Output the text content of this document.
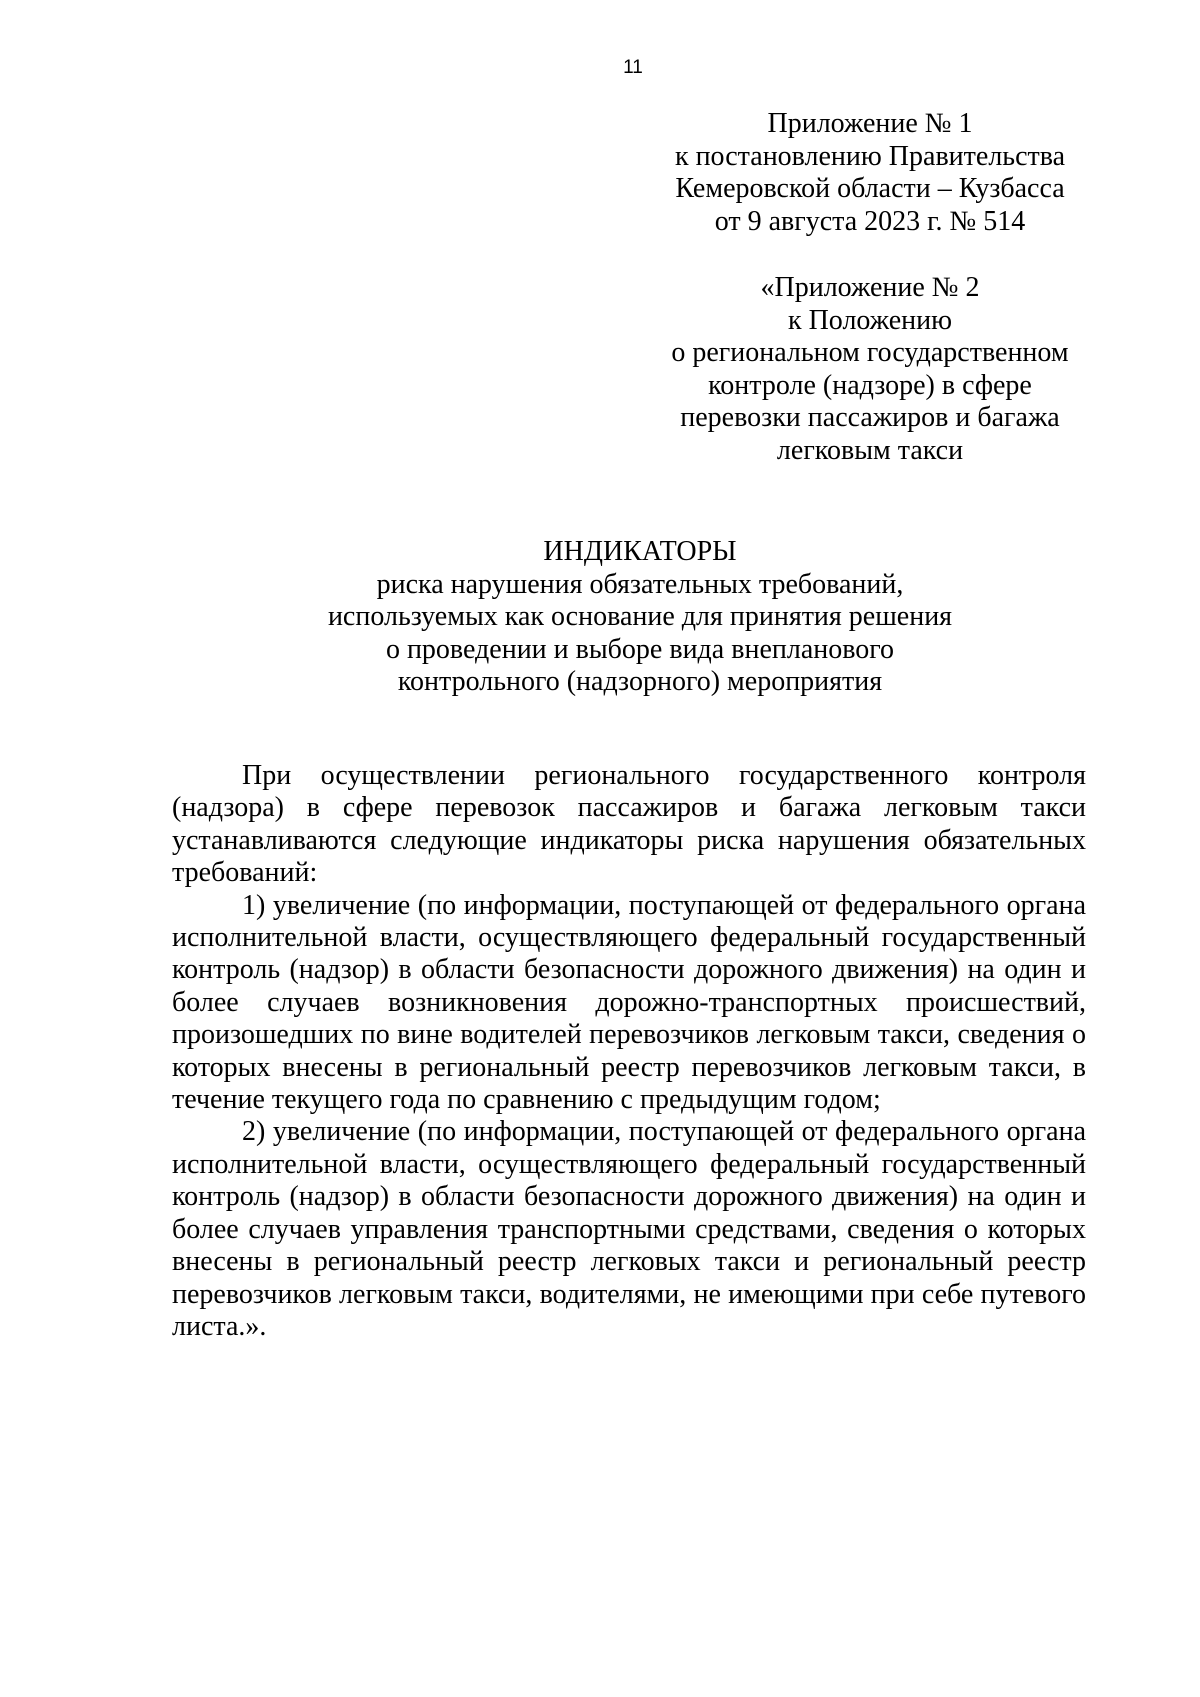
11
Приложение № 1
к постановлению Правительства
Кемеровской области – Кузбасса
от 9 августа 2023 г. № 514
«Приложение № 2
к Положению
о региональном государственном
контроле (надзоре) в сфере
перевозки пассажиров и багажа
легковым такси
ИНДИКАТОРЫ
риска нарушения обязательных требований,
используемых как основание для принятия решения
о проведении и выборе вида внепланового
контрольного (надзорного) мероприятия

При осуществлении регионального государственного контроля (надзора) в сфере перевозок пассажиров и багажа легковым такси устанавливаются следующие индикаторы риска нарушения обязательных требований:

1) увеличение (по информации, поступающей от федерального органа исполнительной власти, осуществляющего федеральный государственный контроль (надзор) в области безопасности дорожного движения) на один и более случаев возникновения дорожно-транспортных происшествий, произошедших по вине водителей перевозчиков легковым такси, сведения о которых внесены в региональный реестр перевозчиков легковым такси, в течение текущего года по сравнению с предыдущим годом;

2) увеличение (по информации, поступающей от федерального органа исполнительной власти, осуществляющего федеральный государственный контроль (надзор) в области безопасности дорожного движения) на один и более случаев управления транспортными средствами, сведения о которых внесены в региональный реестр легковых такси и региональный реестр перевозчиков легковым такси, водителями, не имеющими при себе путевого листа.».
